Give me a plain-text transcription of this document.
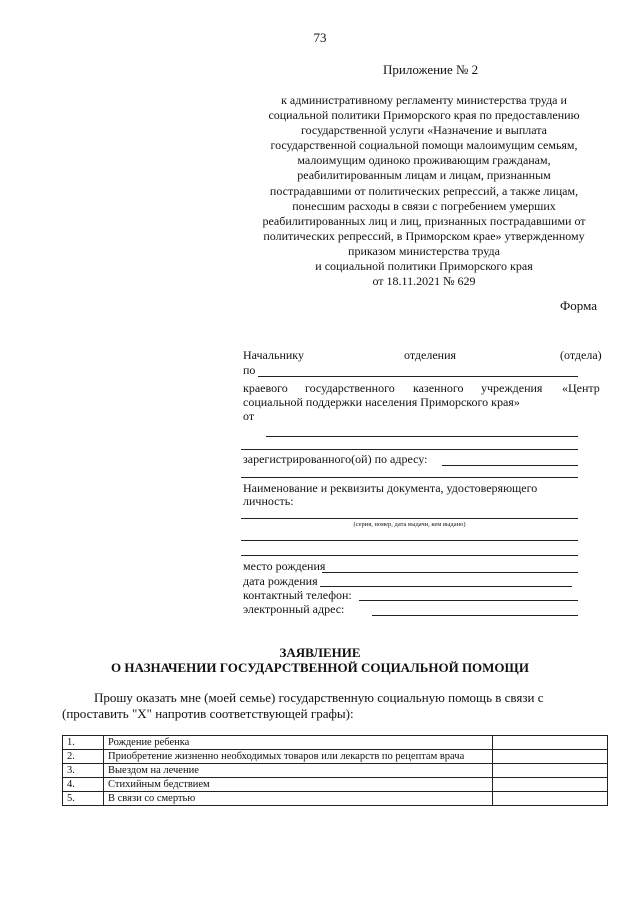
73
Приложение № 2
к административному регламенту министерства труда и
социальной политики Приморского края по предоставлению
государственной услуги «Назначение и выплата
государственной социальной помощи малоимущим семьям,
малоимущим одиноко проживающим гражданам,
реабилитированным лицам и лицам, признанным
пострадавшими от политических репрессий, а также лицам,
понесшим расходы в связи с погребением умерших
реабилитированных лиц и лиц, признанных пострадавшими от
политических репрессий, в Приморском крае» утвержденному
приказом министерства труда
и социальной политики Приморского края
от 18.11.2021 № 629
Форма
Начальнику	отделения	(отдела)
по
краевого государственного казенного учреждения «Центр
социальной поддержки населения Приморского края»
от
зарегистрированного(ой) по адресу:
Наименование и реквизиты документа, удостоверяющего
личность:
(серия, номер, дата выдачи, кем выдано)
место рождения
дата рождения
контактный телефон:
электронный адрес:
ЗАЯВЛЕНИЕ
О НАЗНАЧЕНИИ ГОСУДАРСТВЕННОЙ СОЦИАЛЬНОЙ ПОМОЩИ
Прошу оказать мне (моей семье) государственную социальную помощь в связи с (проставить "X" напротив соответствующей графы):
1.	Рождение ребенка	
2.	Приобретение жизненно необходимых товаров или лекарств по рецептам врача	
3.	Выездом на лечение	
4.	Стихийным бедствием	
5.	В связи со смертью	
